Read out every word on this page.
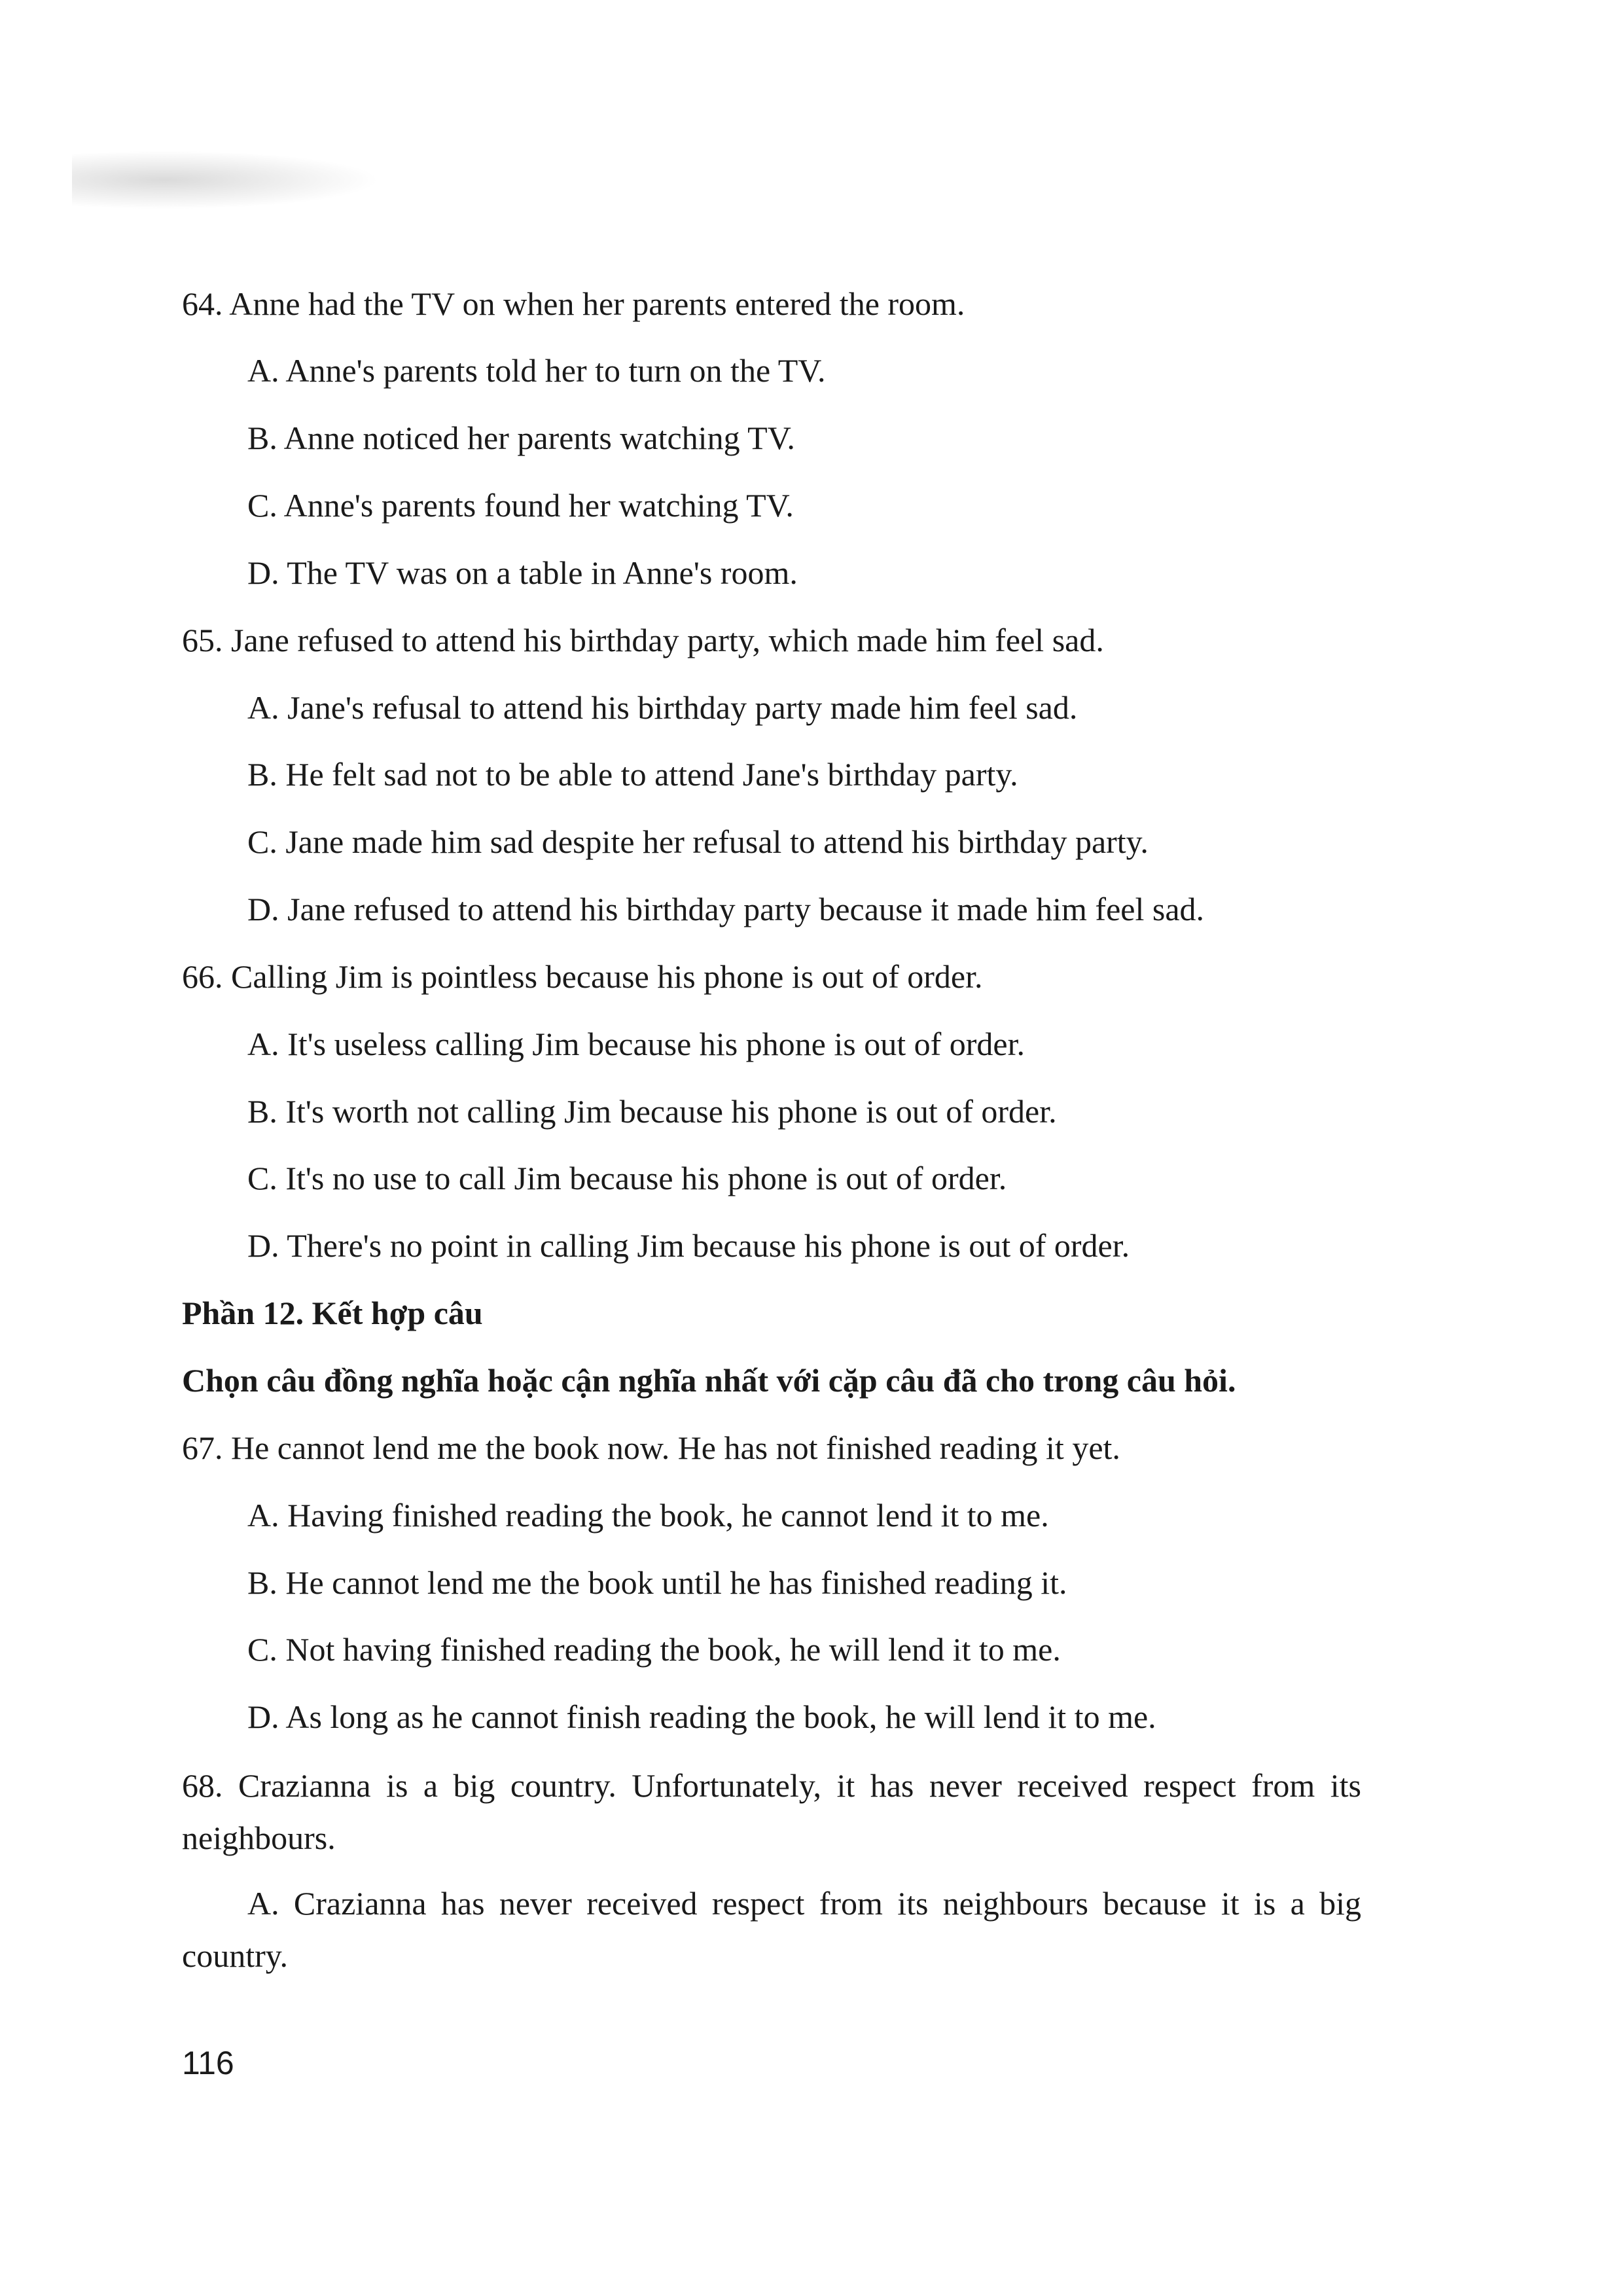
64. Anne had the TV on when her parents entered the room.
A. Anne's parents told her to turn on the TV.
B. Anne noticed her parents watching TV.
C. Anne's parents found her watching TV.
D. The TV was on a table in Anne's room.
65. Jane refused to attend his birthday party, which made him feel sad.
A. Jane's refusal to attend his birthday party made him feel sad.
B. He felt sad not to be able to attend Jane's birthday party.
C. Jane made him sad despite her refusal to attend his birthday party.
D. Jane refused to attend his birthday party because it made him feel sad.
66. Calling Jim is pointless because his phone is out of order.
A. It's useless calling Jim because his phone is out of order.
B. It's worth not calling Jim because his phone is out of order.
C. It's no use to call Jim because his phone is out of order.
D. There's no point in calling Jim because his phone is out of order.
Phần 12. Kết hợp câu
Chọn câu đồng nghĩa hoặc cận nghĩa nhất với cặp câu đã cho trong câu hỏi.
67. He cannot lend me the book now. He has not finished reading it yet.
A. Having finished reading the book, he cannot lend it to me.
B. He cannot lend me the book until he has finished reading it.
C. Not having finished reading the book, he will lend it to me.
D. As long as he cannot finish reading the book, he will lend it to me.
68. Crazianna is a big country. Unfortunately, it has never received respect from its neighbours.
A. Crazianna has never received respect from its neighbours because it is a big country.
116
